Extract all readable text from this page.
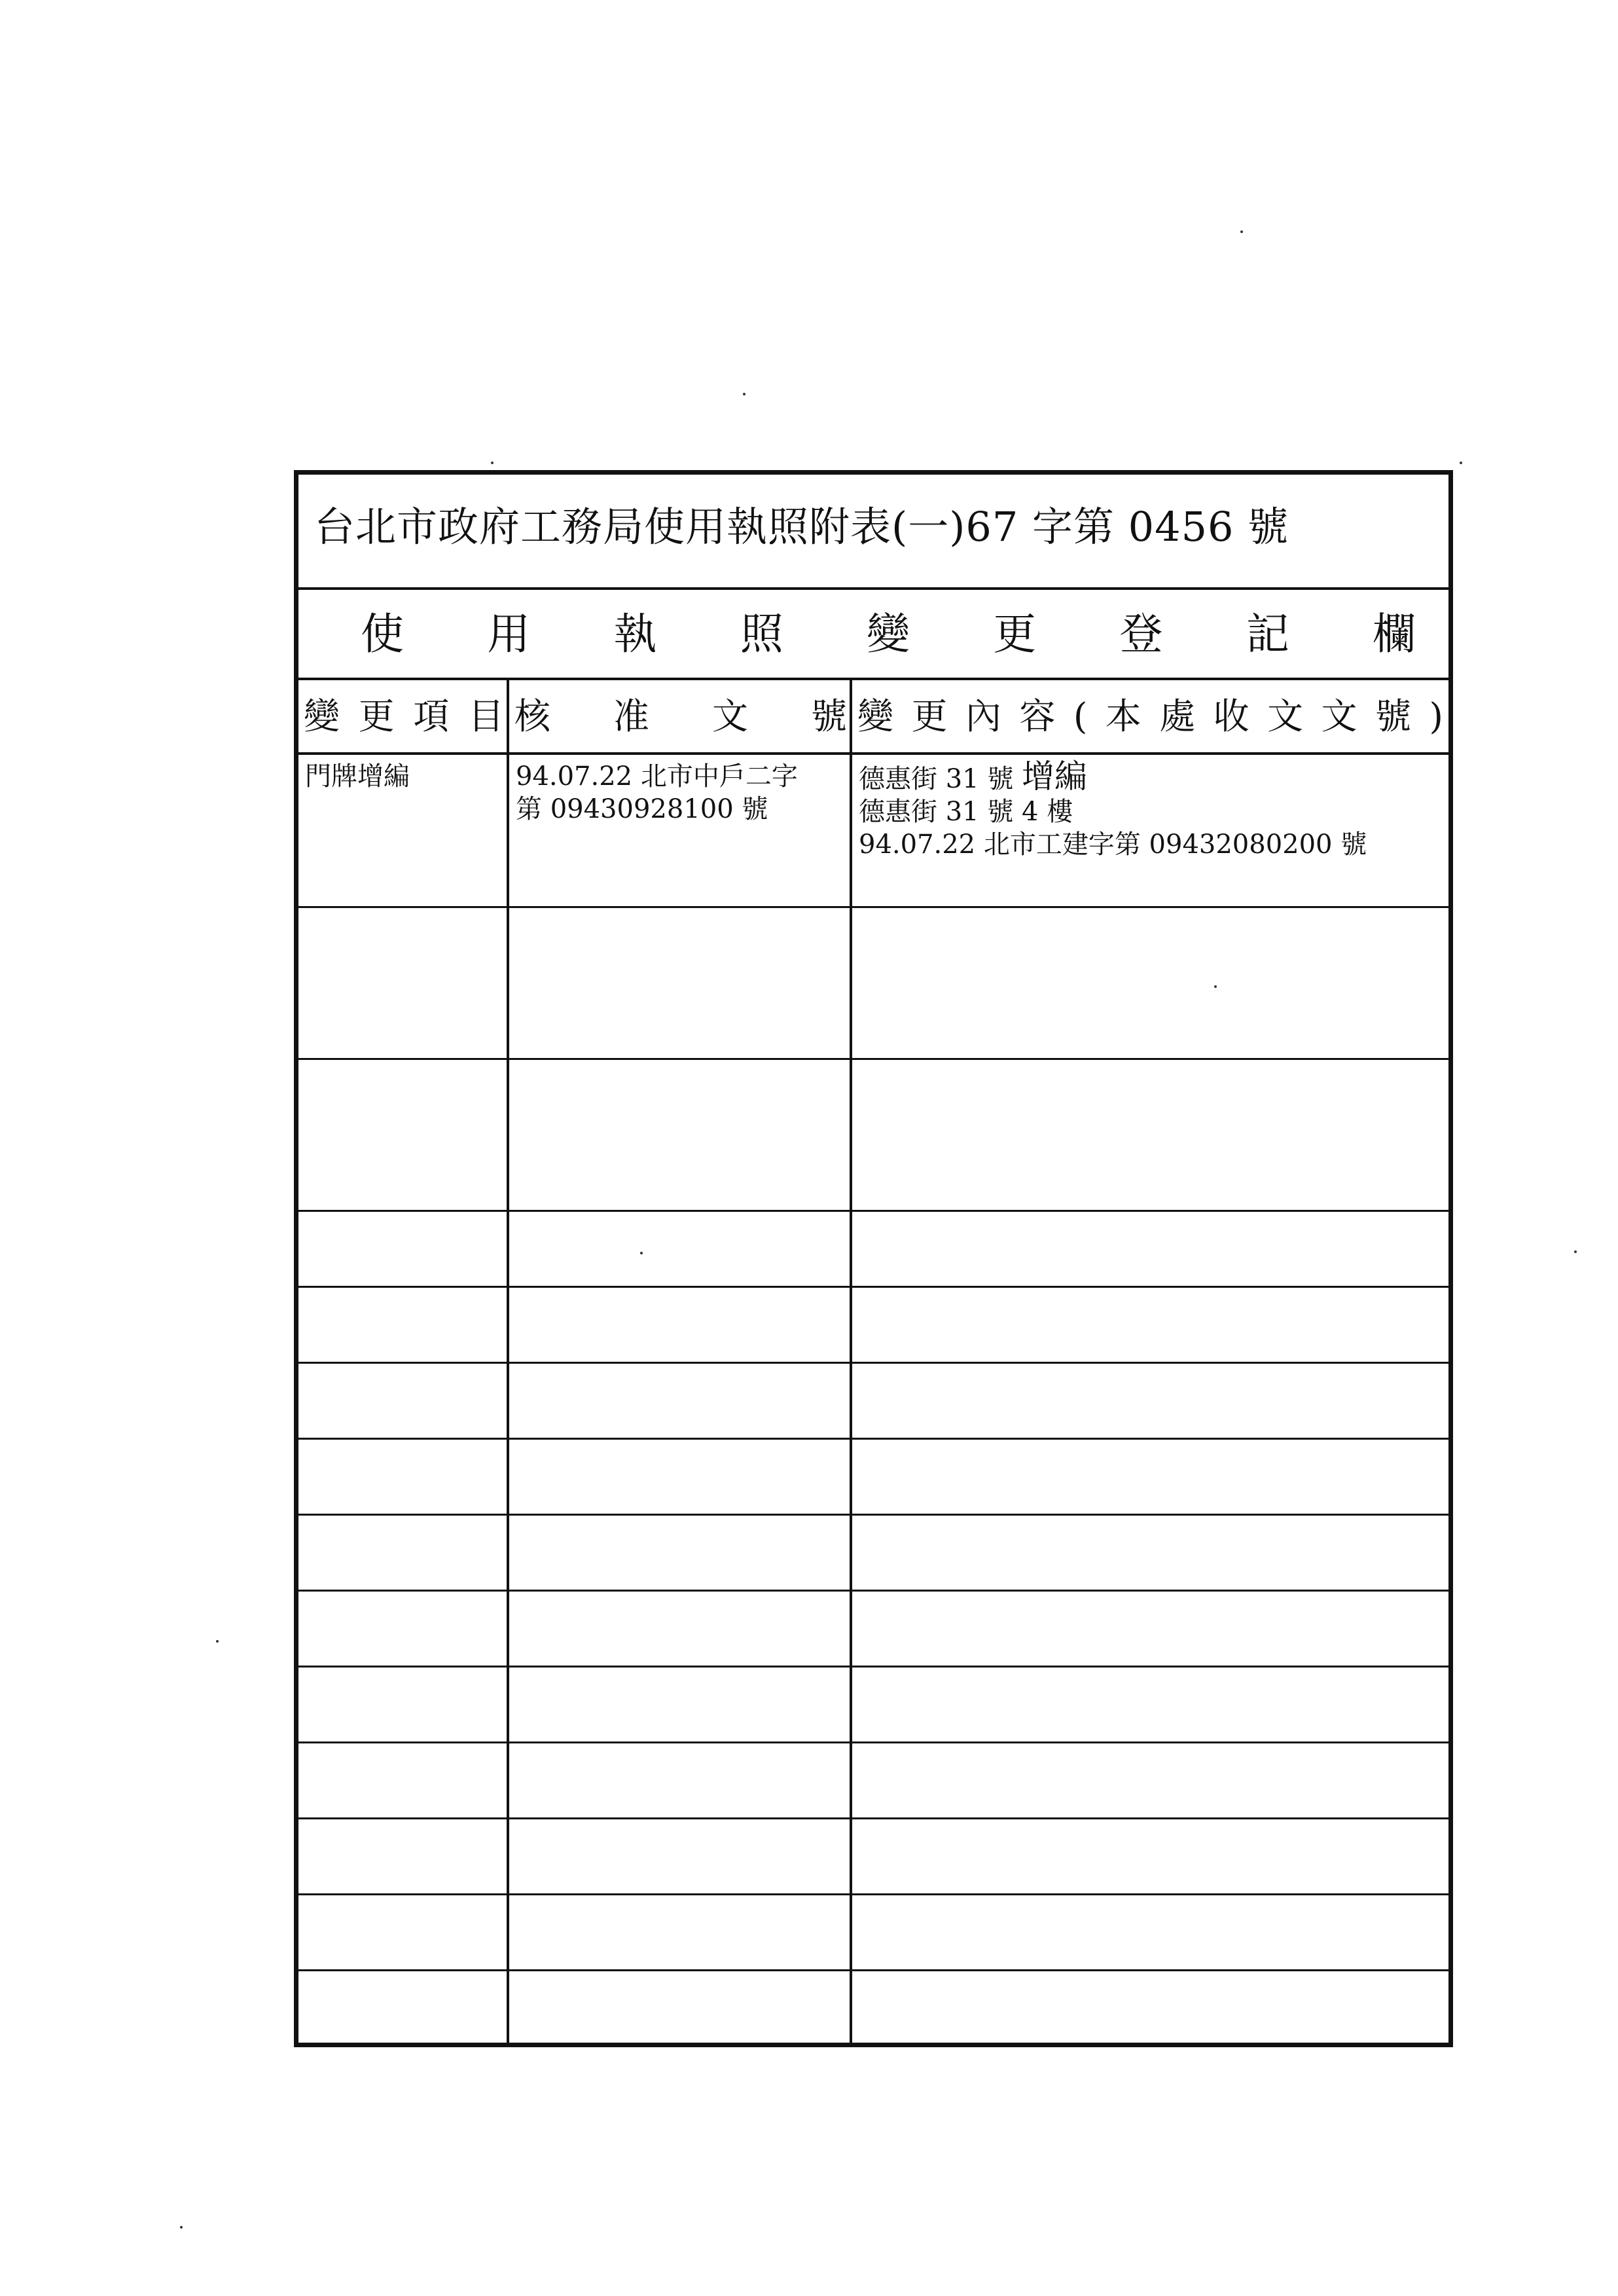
台北市政府工務局使用執照附表(一)67 字第 0456 號
使 用 執 照 變 更 登 記 欄
變 更 項 目 核 准 文 號 變 更 內 容 ( 本 處 收 文 文 號 )
門牌增編	94.07.22 北市中戶二字
第 09430928100 號
德惠街 31 號 增編
德惠街 31 號 4 樓
94.07.22 北市工建字第 09432080200 號
